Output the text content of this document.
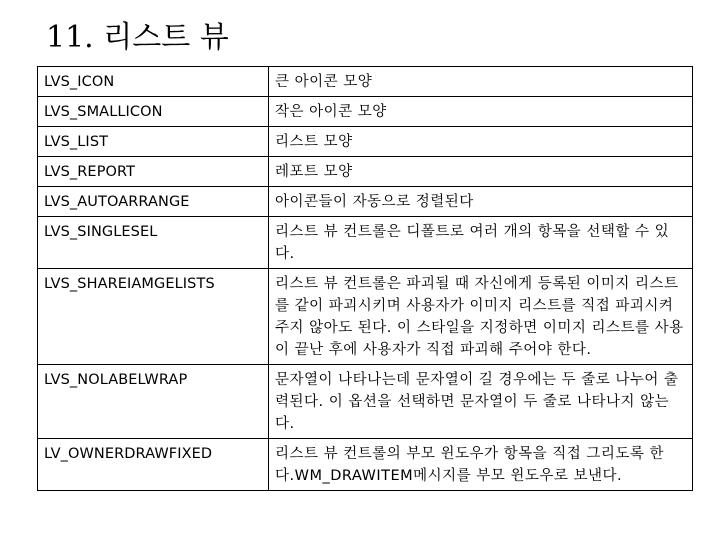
11. 리스트 뷰
LVS_ICON	큰 아이콘 모양
LVS_SMALLICON	작은 아이콘 모양
LVS_LIST	리스트 모양
LVS_REPORT	레포트 모양
LVS_AUTOARRANGE	아이콘들이 자동으로 정렬된다
LVS_SINGLESEL	리스트 뷰 컨트롤은 디폴트로 여러 개의 항목을 선택할 수 있다.
LVS_SHAREIAMGELISTS	리스트 뷰 컨트롤은 파괴될 때 자신에게 등록된 이미지 리스트를 같이 파괴시키며 사용자가 이미지 리스트를 직접 파괴시켜주지 않아도 된다. 이 스타일을 지정하면 이미지 리스트를 사용이 끝난 후에 사용자가 직접 파괴해 주어야 한다.
LVS_NOLABELWRAP	문자열이 나타나는데 문자열이 길 경우에는 두 줄로 나누어 출력된다. 이 옵션을 선택하면 문자열이 두 줄로 나타나지 않는다.
LV_OWNERDRAWFIXED	리스트 뷰 컨트롤의 부모 윈도우가 항목을 직접 그리도록 한다.WM_DRAWITEM메시지를 부모 윈도우로 보낸다.
